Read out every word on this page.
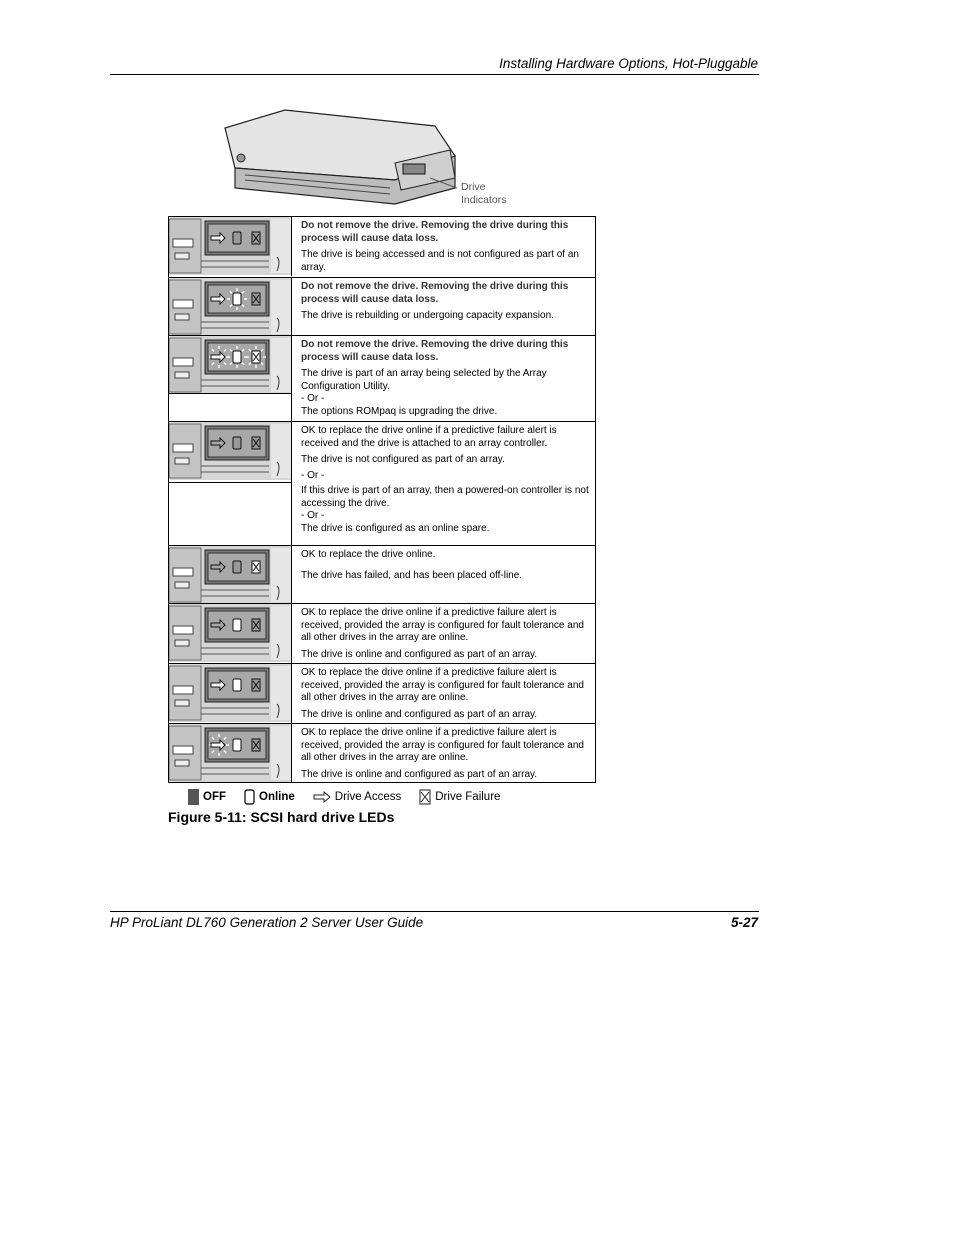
Installing Hardware Options, Hot-Pluggable
Drive
Indicators

Do not remove the drive. Removing the drive during this process will cause data loss.

The drive is being accessed and is not configured as part of an array.

Do not remove the drive. Removing the drive during this process will cause data loss.

The drive is rebuilding or undergoing capacity expansion.

Do not remove the drive. Removing the drive during this process will cause data loss.

The drive is part of an array being selected by the Array Configuration Utility.

- Or -

The options ROMpaq is upgrading the drive.

OK to replace the drive online if a predictive failure alert is received and the drive is attached to an array controller.

The drive is not configured as part of an array.

- Or -

If this drive is part of an array, then a powered-on controller is not accessing the drive.

- Or -

The drive is configured as an online spare.

OK to replace the drive online.

The drive has failed, and has been placed off-line.

OK to replace the drive online if a predictive failure alert is received, provided the array is configured for fault tolerance and all other drives in the array are online.

The drive is online and configured as part of an array.

OK to replace the drive online if a predictive failure alert is received, provided the array is configured for fault tolerance and all other drives in the array are online.

The drive is online and configured as part of an array.

OK to replace the drive online if a predictive failure alert is received, provided the array is configured for fault tolerance and all other drives in the array are online.

The drive is online and configured as part of an array.

OFF	Online	Drive Access	Drive Failure
Figure 5-11: SCSI hard drive LEDs
HP ProLiant DL760 Generation 2 Server User Guide	5-27
